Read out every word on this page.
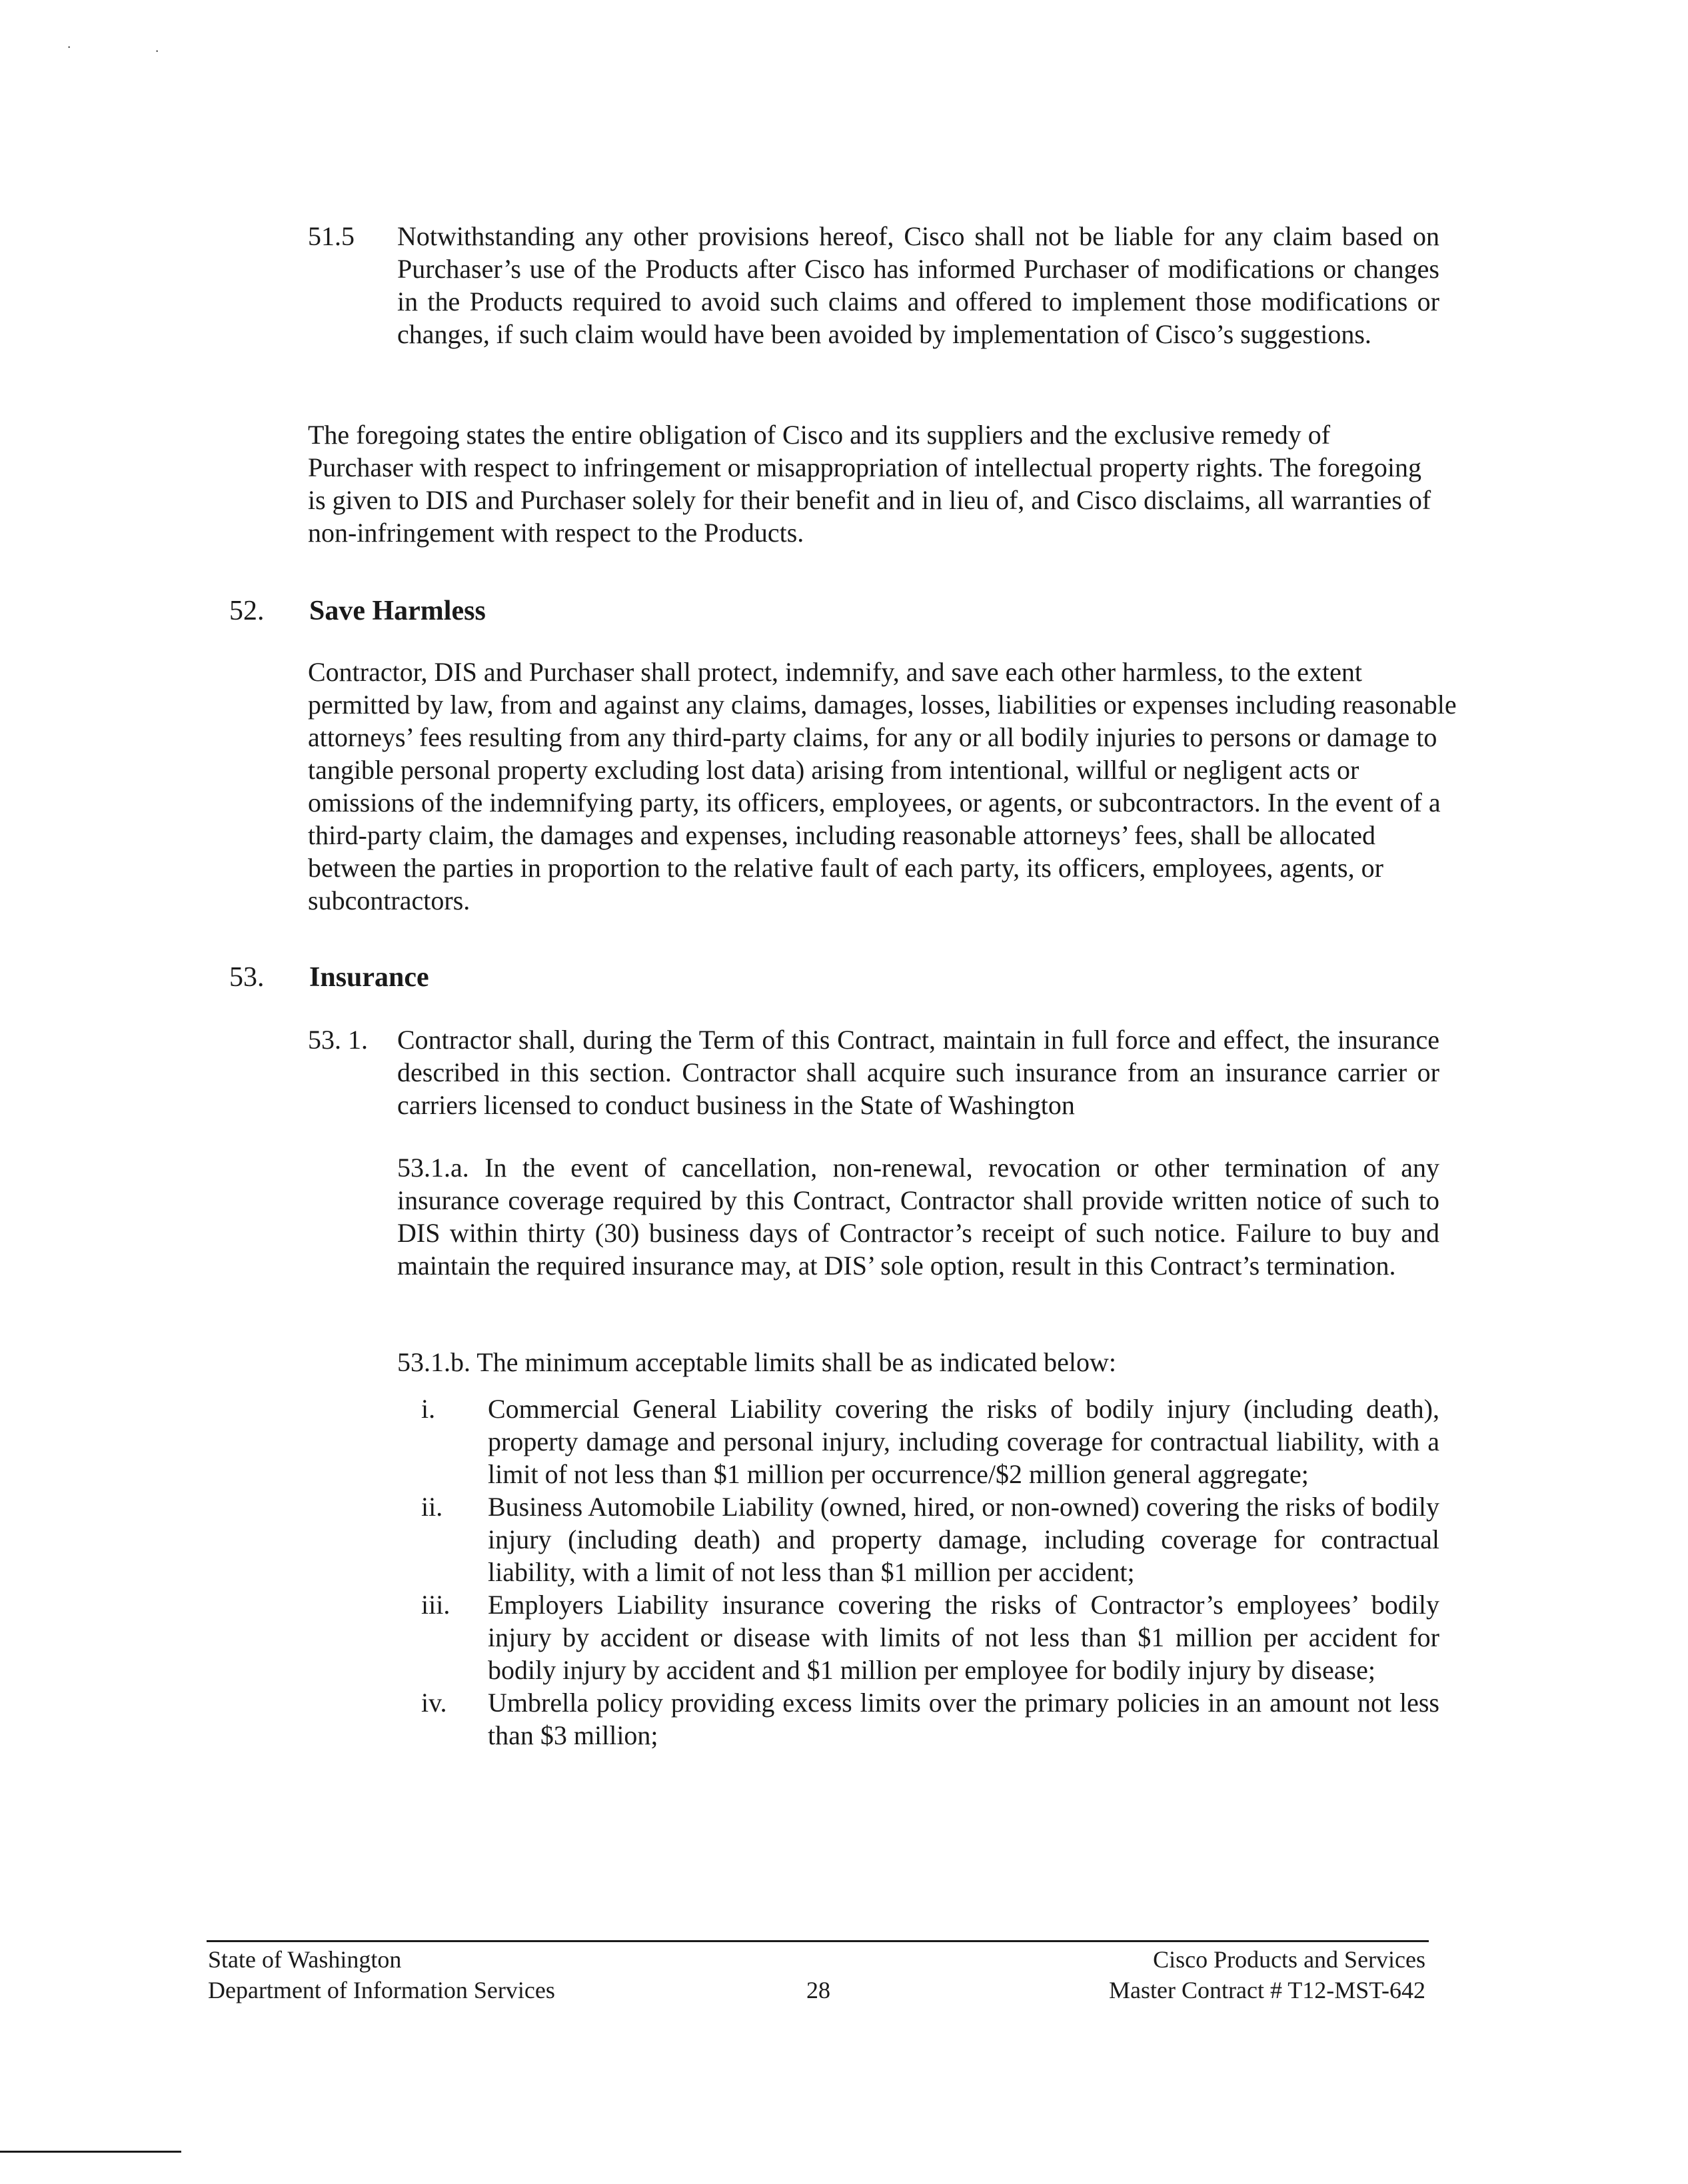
·	·
51.5	Notwithstanding any other provisions hereof, Cisco shall not be liable for any claim based on Purchaser’s use of the Products after Cisco has informed Purchaser of modifications or changes in the Products required to avoid such claims and offered to implement those modifications or changes, if such claim would have been avoided by implementation of Cisco’s suggestions.

The foregoing states the entire obligation of Cisco and its suppliers and the exclusive remedy of Purchaser with respect to infringement or misappropriation of intellectual property rights. The foregoing is given to DIS and Purchaser solely for their benefit and in lieu of, and Cisco disclaims, all warranties of non-infringement with respect to the Products.

52.	Save Harmless

Contractor, DIS and Purchaser shall protect, indemnify, and save each other harmless, to the extent permitted by law, from and against any claims, damages, losses, liabilities or expenses including reasonable attorneys’ fees resulting from any third-party claims, for any or all bodily injuries to persons or damage to tangible personal property excluding lost data) arising from intentional, willful or negligent acts or omissions of the indemnifying party, its officers, employees, or agents, or subcontractors. In the event of a third-party claim, the damages and expenses, including reasonable attorneys’ fees, shall be allocated between the parties in proportion to the relative fault of each party, its officers, employees, agents, or subcontractors.

53.	Insurance
53. 1.	Contractor shall, during the Term of this Contract, maintain in full force and effect, the insurance described in this section. Contractor shall acquire such insurance from an insurance carrier or carriers licensed to conduct business in the State of Washington

53.1.a. In the event of cancellation, non-renewal, revocation or other termination of any insurance coverage required by this Contract, Contractor shall provide written notice of such to DIS within thirty (30) business days of Contractor’s receipt of such notice. Failure to buy and maintain the required insurance may, at DIS’ sole option, result in this Contract’s termination.

53.1.b. The minimum acceptable limits shall be as indicated below:

i.	Commercial General Liability covering the risks of bodily injury (including death), property damage and personal injury, including coverage for contractual liability, with a limit of not less than $1 million per occurrence/$2 million general aggregate;
ii.	Business Automobile Liability (owned, hired, or non-owned) covering the risks of bodily injury (including death) and property damage, including coverage for contractual liability, with a limit of not less than $1 million per accident;
iii.	Employers Liability insurance covering the risks of Contractor’s employees’ bodily injury by accident or disease with limits of not less than $1 million per accident for bodily injury by accident and $1 million per employee for bodily injury by disease;
iv.	Umbrella policy providing excess limits over the primary policies in an amount not less than $3 million;
State of Washington
Department of Information Services	28
Cisco Products and Services
Master Contract # T12-MST-642
